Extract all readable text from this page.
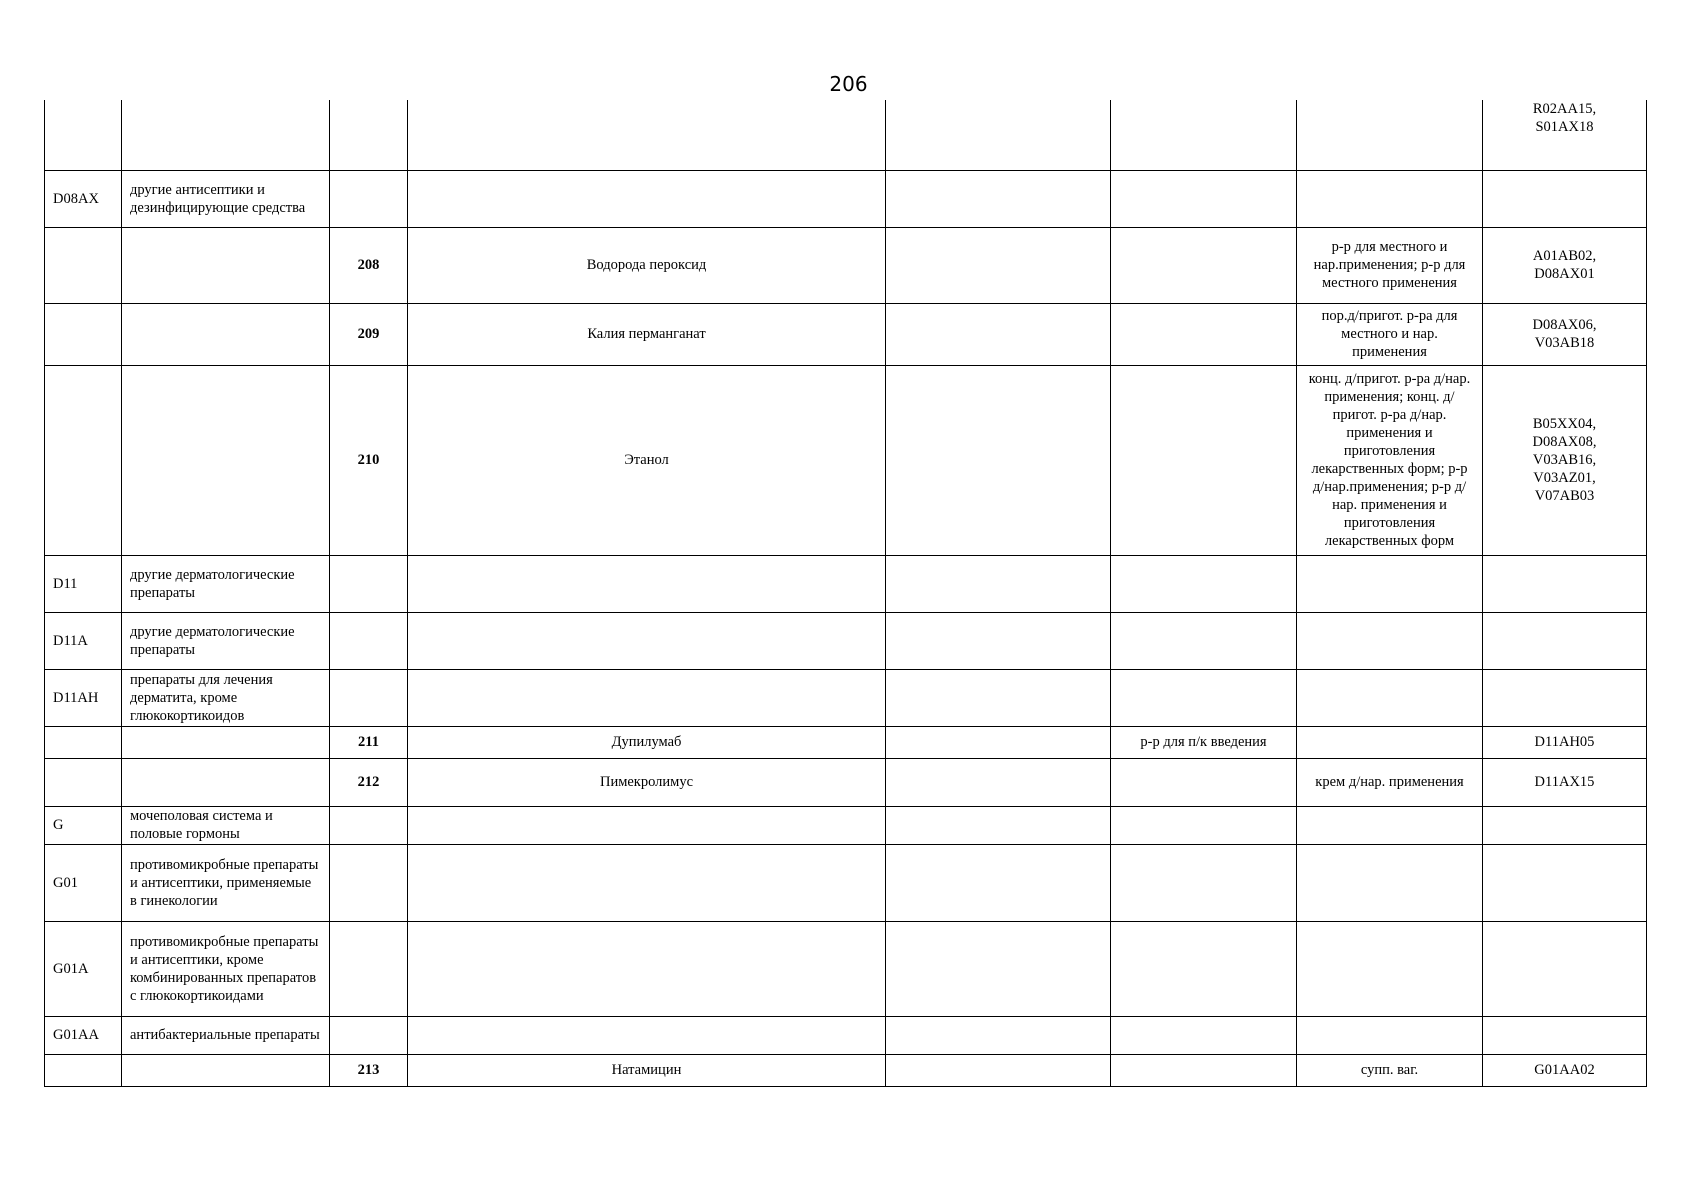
206
							R02AA15,
S01AX18
D08AX	другие антисептики и дезинфицирующие средства						
		208	Водорода пероксид			р-р для местного и нар.применения; р-р для местного применения	A01AB02,
D08AX01
		209	Калия перманганат			пор.д/пригот. р-ра для местного и нар. применения	D08AX06,
V03AB18
		210	Этанол			конц. д/пригот. р-ра д/нар. применения; конц. д/пригот. р-ра д/нар. применения и приготовления лекарственных форм; р-р д/нар.применения; р-р д/нар. применения и приготовления лекарственных форм	B05XX04,
D08AX08,
V03AB16,
V03AZ01,
V07AB03
D11	другие дерматологические препараты						
D11A	другие дерматологические препараты						
D11AH	препараты для лечения дерматита, кроме глюкокортикоидов						
		211	Дупилумаб		р-р для п/к введения		D11AH05
		212	Пимекролимус			крем д/нар. применения	D11AX15
G	мочеполовая система и половые гормоны						
G01	противомикробные препараты и антисептики, применяемые в гинекологии						
G01A	противомикробные препараты и антисептики, кроме комбинированных препаратов с глюкокортикоидами						
G01AA	антибактериальные препараты						
		213	Натамицин			супп. ваг.	G01AA02
